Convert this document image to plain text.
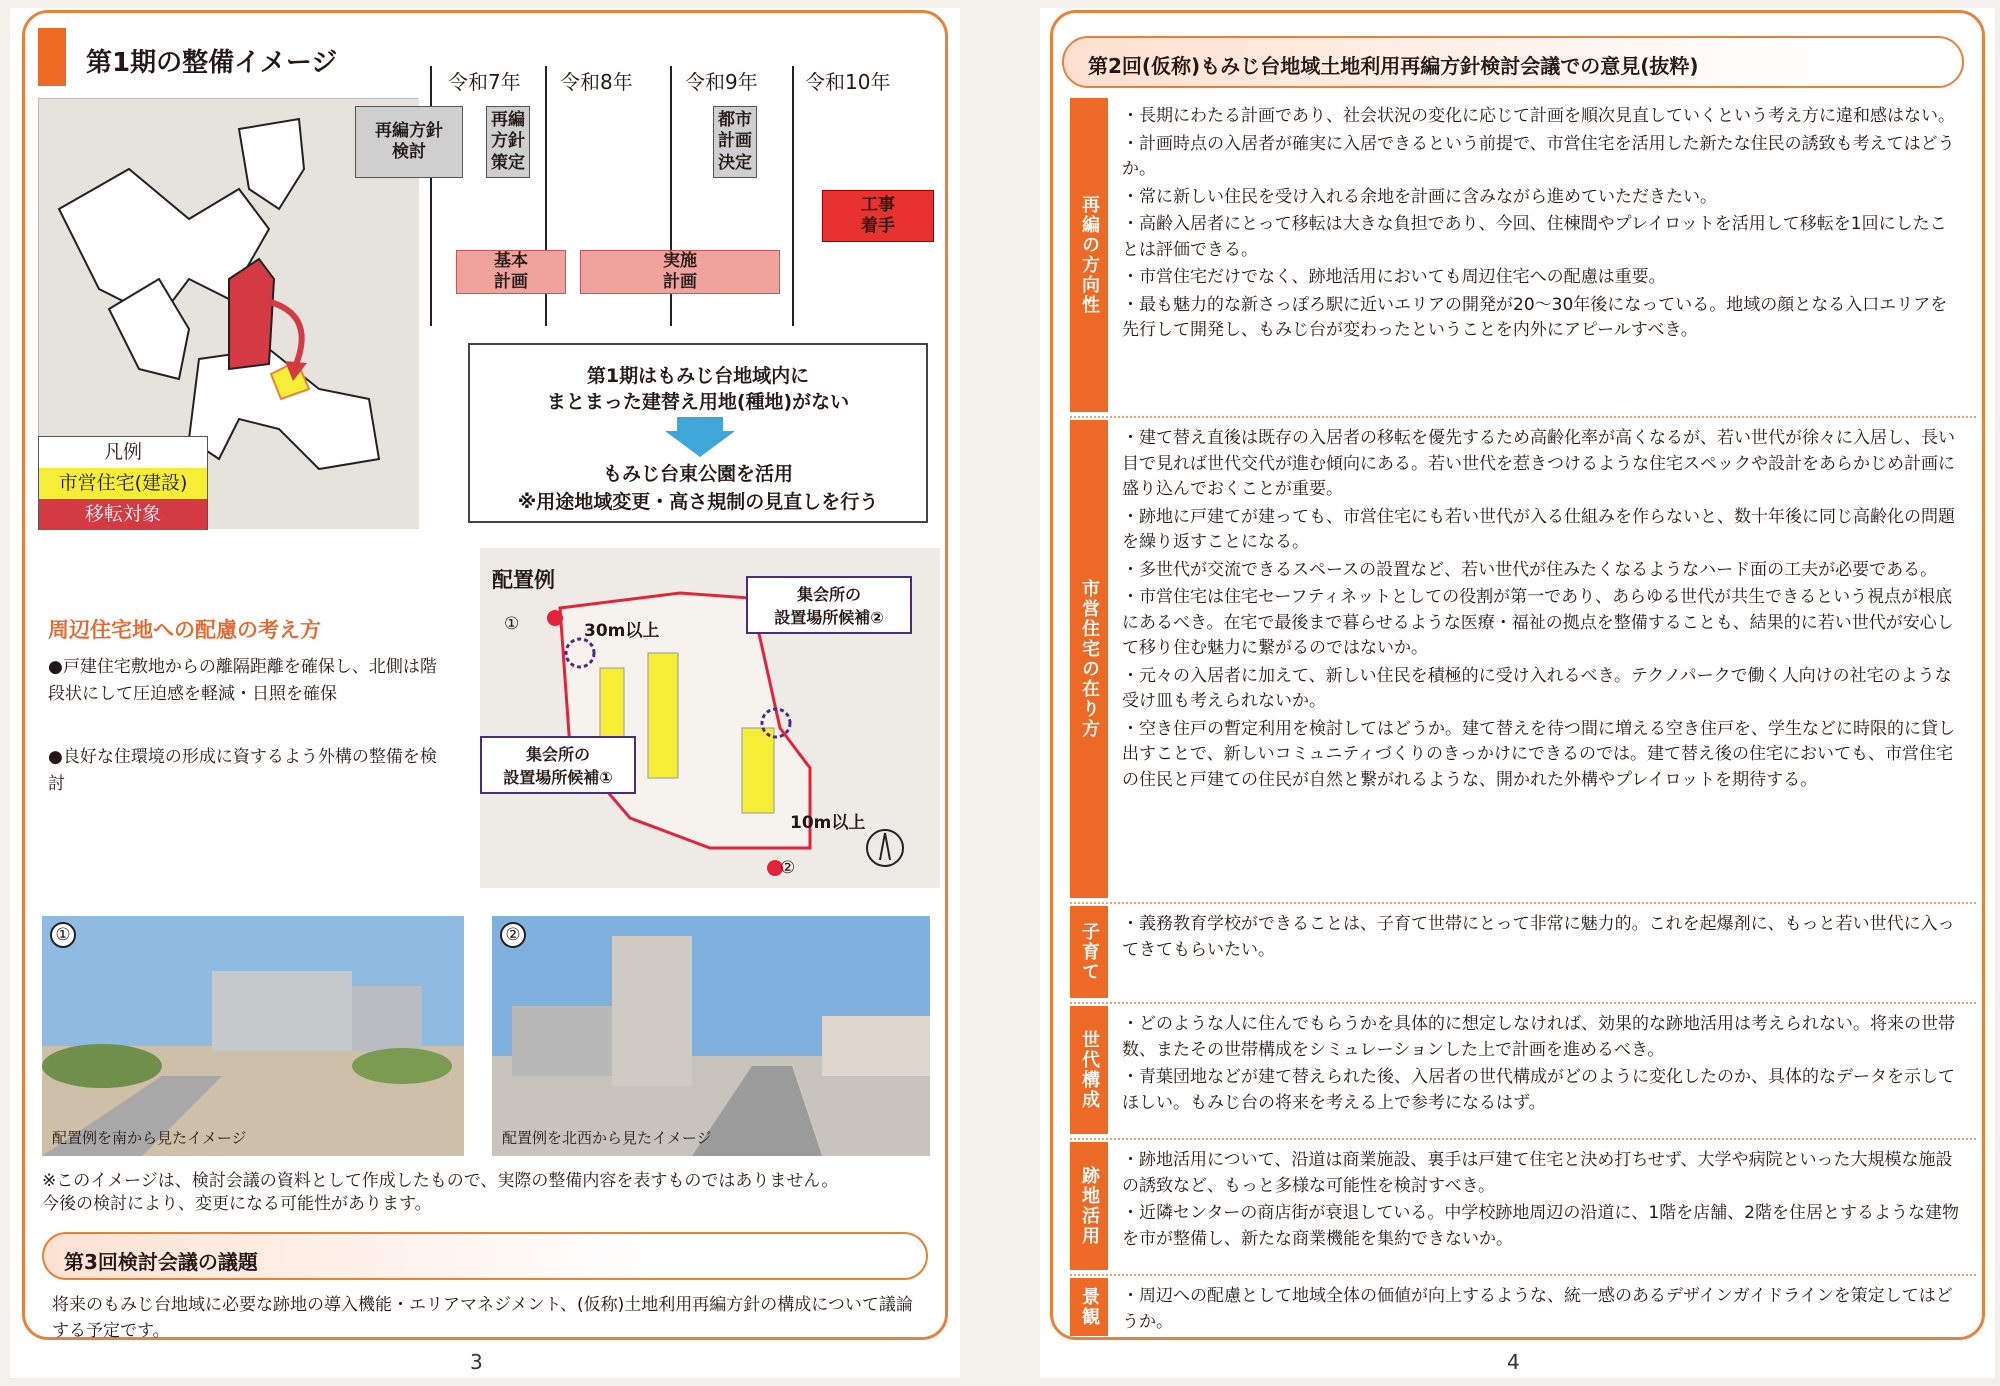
第1期の整備イメージ
凡例
市営住宅(建設)
移転対象
令和7年 令和8年	令和9年 令和10年
再編方針
検討
再編
方針
策定
都市
計画
決定
工事
着手
基本
計画
実施
計画
第1期はもみじ台地域内に
まとまった建替え用地(種地)がない
もみじ台東公園を活用
※用途地域変更・高さ規制の見直しを行う
周辺住宅地への配慮の考え方
●戸建住宅敷地からの離隔距離を確保し、北側は階段状にして圧迫感を軽減・日照を確保
●良好な住環境の形成に資するよう外構の整備を検討
配置例
①
②
30m以上
10m以上
集会所の
設置場所候補②
集会所の
設置場所候補①
①
配置例を南から見たイメージ
②
配置例を北西から見たイメージ
※このイメージは、検討会議の資料として作成したもので、実際の整備内容を表すものではありません。
今後の検討により、変更になる可能性があります。
第3回検討会議の議題
将来のもみじ台地域に必要な跡地の導入機能・エリアマネジメント、(仮称)土地利用再編方針の構成について議論する予定です。
3
第2回(仮称)もみじ台地域土地利用再編方針検討会議での意見(抜粋)
再編の方向性
・長期にわたる計画であり、社会状況の変化に応じて計画を順次見直していくという考え方に違和感はない。
・計画時点の入居者が確実に入居できるという前提で、市営住宅を活用した新たな住民の誘致も考えてはどうか。
・常に新しい住民を受け入れる余地を計画に含みながら進めていただきたい。
・高齢入居者にとって移転は大きな負担であり、今回、住棟間やプレイロットを活用して移転を1回にしたことは評価できる。
・市営住宅だけでなく、跡地活用においても周辺住宅への配慮は重要。
・最も魅力的な新さっぽろ駅に近いエリアの開発が20～30年後になっている。地域の顔となる入口エリアを先行して開発し、もみじ台が変わったということを内外にアピールすべき。
市営住宅の在り方
・建て替え直後は既存の入居者の移転を優先するため高齢化率が高くなるが、若い世代が徐々に入居し、長い目で見れば世代交代が進む傾向にある。若い世代を惹きつけるような住宅スペックや設計をあらかじめ計画に盛り込んでおくことが重要。
・跡地に戸建てが建っても、市営住宅にも若い世代が入る仕組みを作らないと、数十年後に同じ高齢化の問題を繰り返すことになる。
・多世代が交流できるスペースの設置など、若い世代が住みたくなるようなハード面の工夫が必要である。
・市営住宅は住宅セーフティネットとしての役割が第一であり、あらゆる世代が共生できるという視点が根底にあるべき。在宅で最後まで暮らせるような医療・福祉の拠点を整備することも、結果的に若い世代が安心して移り住む魅力に繋がるのではないか。
・元々の入居者に加えて、新しい住民を積極的に受け入れるべき。テクノパークで働く人向けの社宅のような受け皿も考えられないか。
・空き住戸の暫定利用を検討してはどうか。建て替えを待つ間に増える空き住戸を、学生などに時限的に貸し出すことで、新しいコミュニティづくりのきっかけにできるのでは。建て替え後の住宅においても、市営住宅の住民と戸建ての住民が自然と繋がれるような、開かれた外構やプレイロットを期待する。
子育て	・義務教育学校ができることは、子育て世帯にとって非常に魅力的。これを起爆剤に、もっと若い世代に入ってきてもらいたい。
世代構成
・どのような人に住んでもらうかを具体的に想定しなければ、効果的な跡地活用は考えられない。将来の世帯数、またその世帯構成をシミュレーションした上で計画を進めるべき。
・青葉団地などが建て替えられた後、入居者の世代構成がどのように変化したのか、具体的なデータを示してほしい。もみじ台の将来を考える上で参考になるはず。
跡地活用
・跡地活用について、沿道は商業施設、裏手は戸建て住宅と決め打ちせず、大学や病院といった大規模な施設の誘致など、もっと多様な可能性を検討すべき。
・近隣センターの商店街が衰退している。中学校跡地周辺の沿道に、1階を店舗、2階を住居とするような建物を市が整備し、新たな商業機能を集約できないか。
景観	・周辺への配慮として地域全体の価値が向上するような、統一感のあるデザインガイドラインを策定してはどうか。
4
